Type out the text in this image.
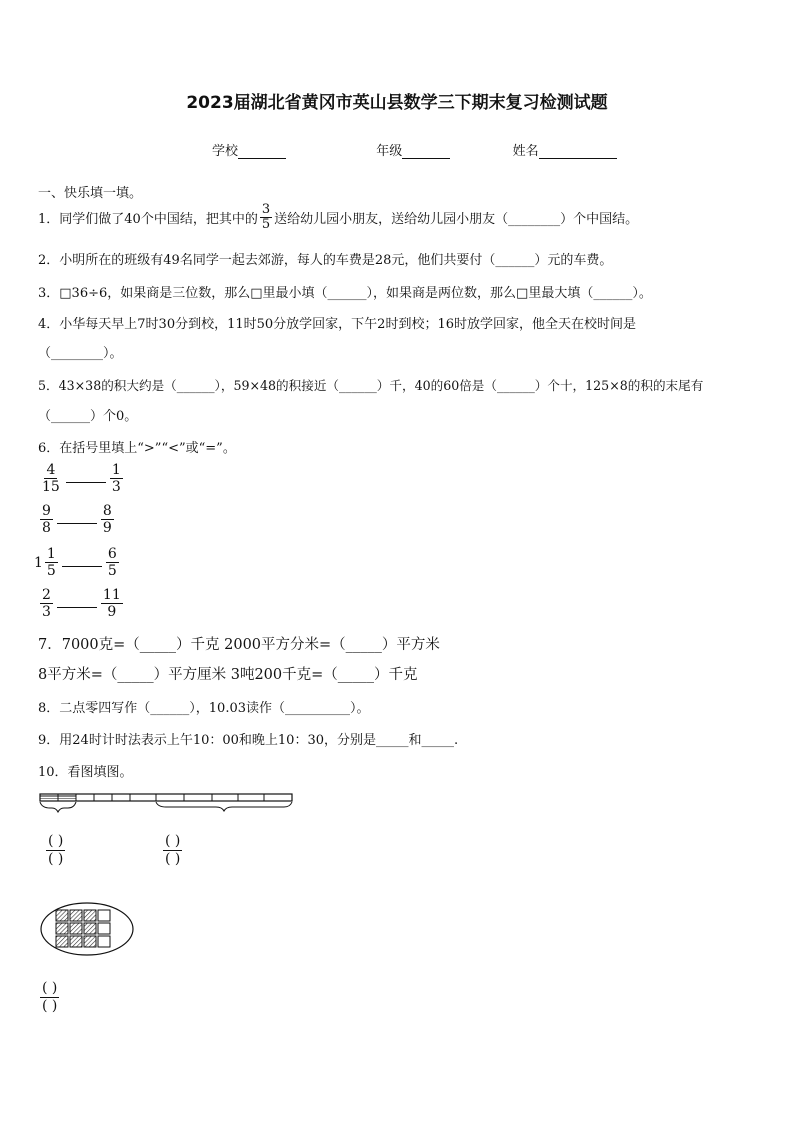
2023届湖北省黄冈市英山县数学三下期末复习检测试题
学校	年级	姓名
一、快乐填一填。
1．同学们做了40个中国结，把其中的 $\frac{3}{5}$ 送给幼儿园小朋友，送给幼儿园小朋友（________）个中国结。
2．小明所在的班级有49名同学一起去郊游，每人的车费是28元，他们共要付（______）元的车费。
3．□36÷6，如果商是三位数，那么□里最小填（______），如果商是两位数，那么□里最大填（______）。
4．小华每天早上7时30分到校，11时50分放学回家，下午2时到校；16时放学回家，他全天在校时间是
（________）。
5．43×38的积大约是（______），59×48的积接近（______）千，40的60倍是（______）个十，125×8的积的末尾有
（______）个0。
6．在括号里填上“>”“<”或“=”。
$\frac{4}{15}$	$\frac{1}{3}$
$\frac{9}{8}$	$\frac{8}{9}$
$1 \frac{1}{5}$	$\frac{6}{5}$
$\frac{2}{3}$	$\frac{11}{9}$
7．7000克=（_____）千克 2000平方分米=（_____）平方米
8平方米=（_____）平方厘米 3吨200千克=（_____）千克
8．二点零四写作（______），10.03读作（__________）。
9．用24时计时法表示上午10：00和晚上10：30，分别是_____和_____.
10．看图填图。
( )
( )
( )
( )
( )
( )
